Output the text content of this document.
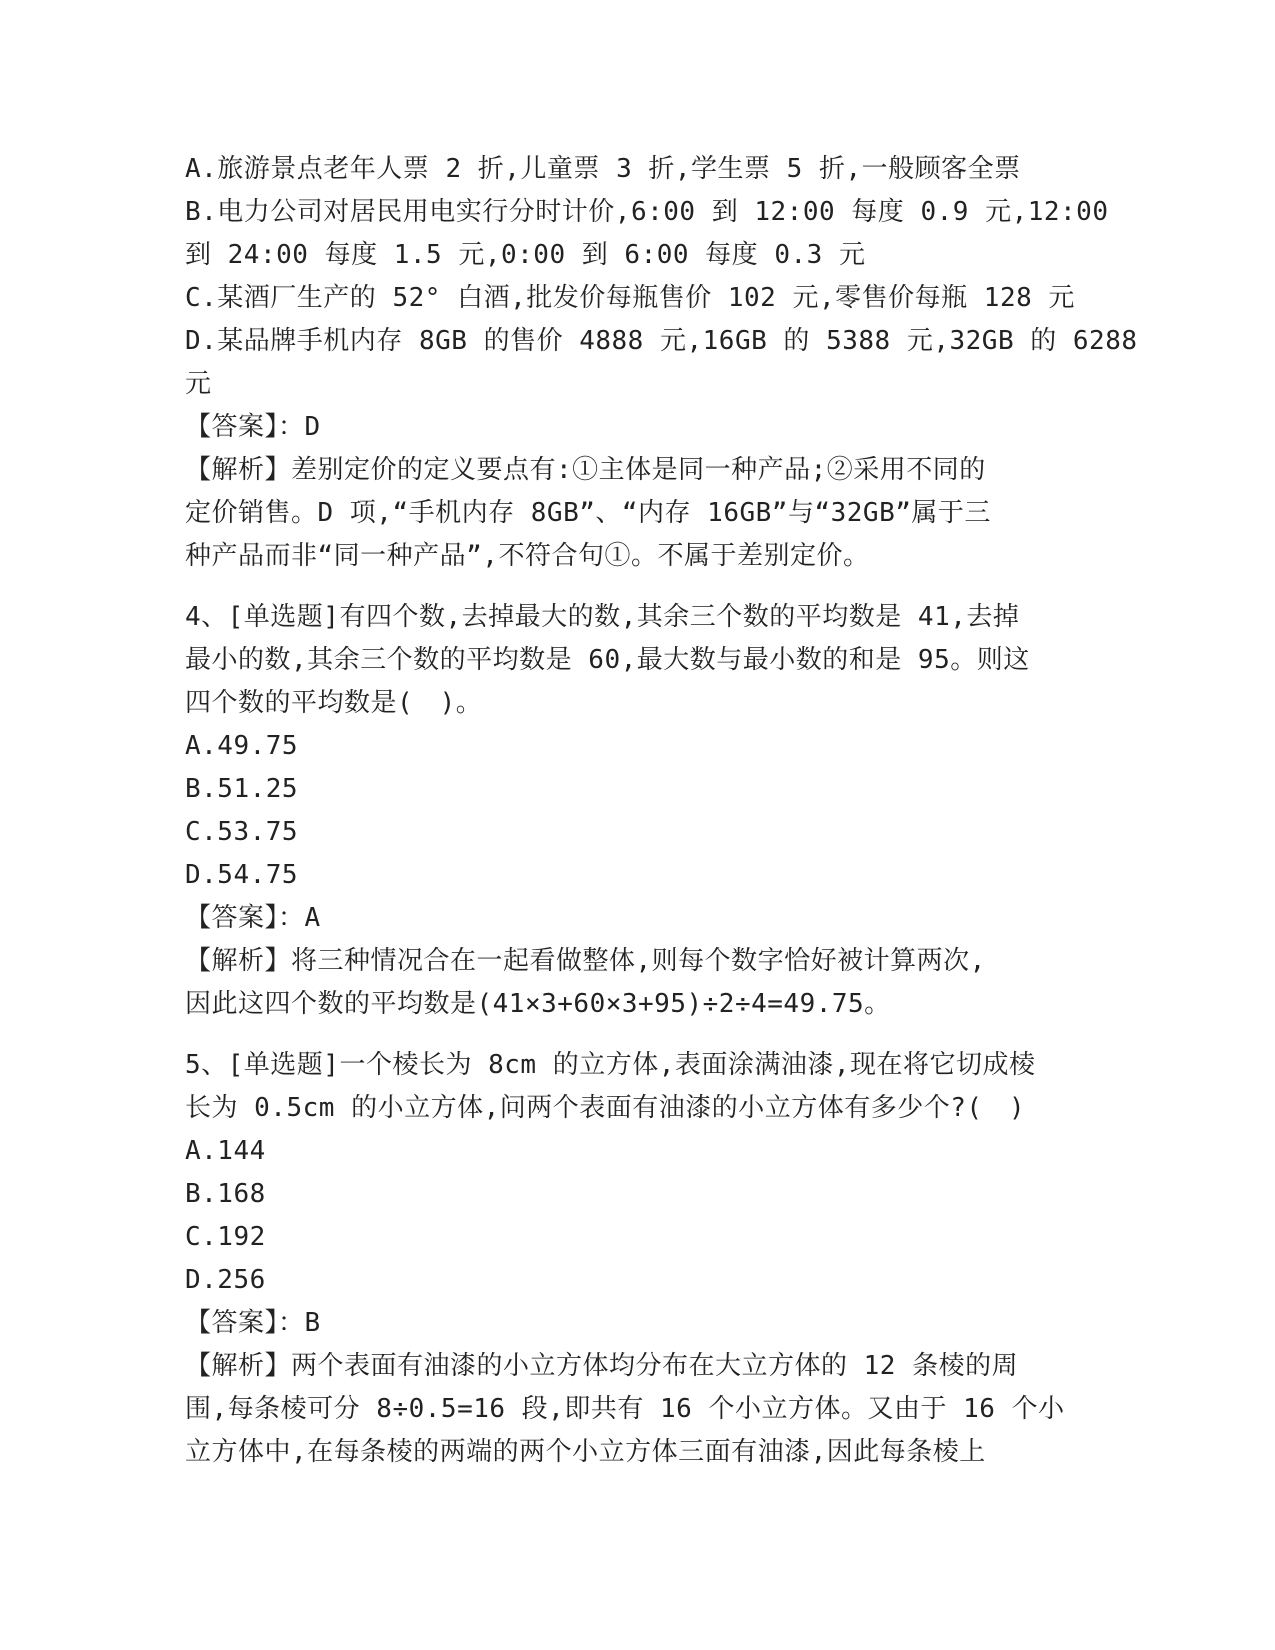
A.旅游景点老年人票 2 折,儿童票 3 折,学生票 5 折,一般顾客全票
B.电力公司对居民用电实行分时计价,6:00 到 12:00 每度 0.9 元,12:00
到 24:00 每度 1.5 元,0:00 到 6:00 每度 0.3 元
C.某酒厂生产的 52° 白酒,批发价每瓶售价 102 元,零售价每瓶 128 元
D.某品牌手机内存 8GB 的售价 4888 元,16GB 的 5388 元,32GB 的 6288
元
【答案】：D
【解析】差别定价的定义要点有:①主体是同一种产品;②采用不同的
定价销售。D 项,“手机内存 8GB”、“内存 16GB”与“32GB”属于三
种产品而非“同一种产品”,不符合句①。不属于差别定价。
4、[单选题]有四个数,去掉最大的数,其余三个数的平均数是 41,去掉
最小的数,其余三个数的平均数是 60,最大数与最小数的和是 95。则这
四个数的平均数是(　)。
A.49.75
B.51.25
C.53.75
D.54.75
【答案】：A
【解析】将三种情况合在一起看做整体,则每个数字恰好被计算两次,
因此这四个数的平均数是(41×3+60×3+95)÷2÷4=49.75。
5、[单选题]一个棱长为 8cm 的立方体,表面涂满油漆,现在将它切成棱
长为 0.5cm 的小立方体,问两个表面有油漆的小立方体有多少个?(　)
A.144
B.168
C.192
D.256
【答案】：B
【解析】两个表面有油漆的小立方体均分布在大立方体的 12 条棱的周
围,每条棱可分 8÷0.5=16 段,即共有 16 个小立方体。又由于 16 个小
立方体中,在每条棱的两端的两个小立方体三面有油漆,因此每条棱上
